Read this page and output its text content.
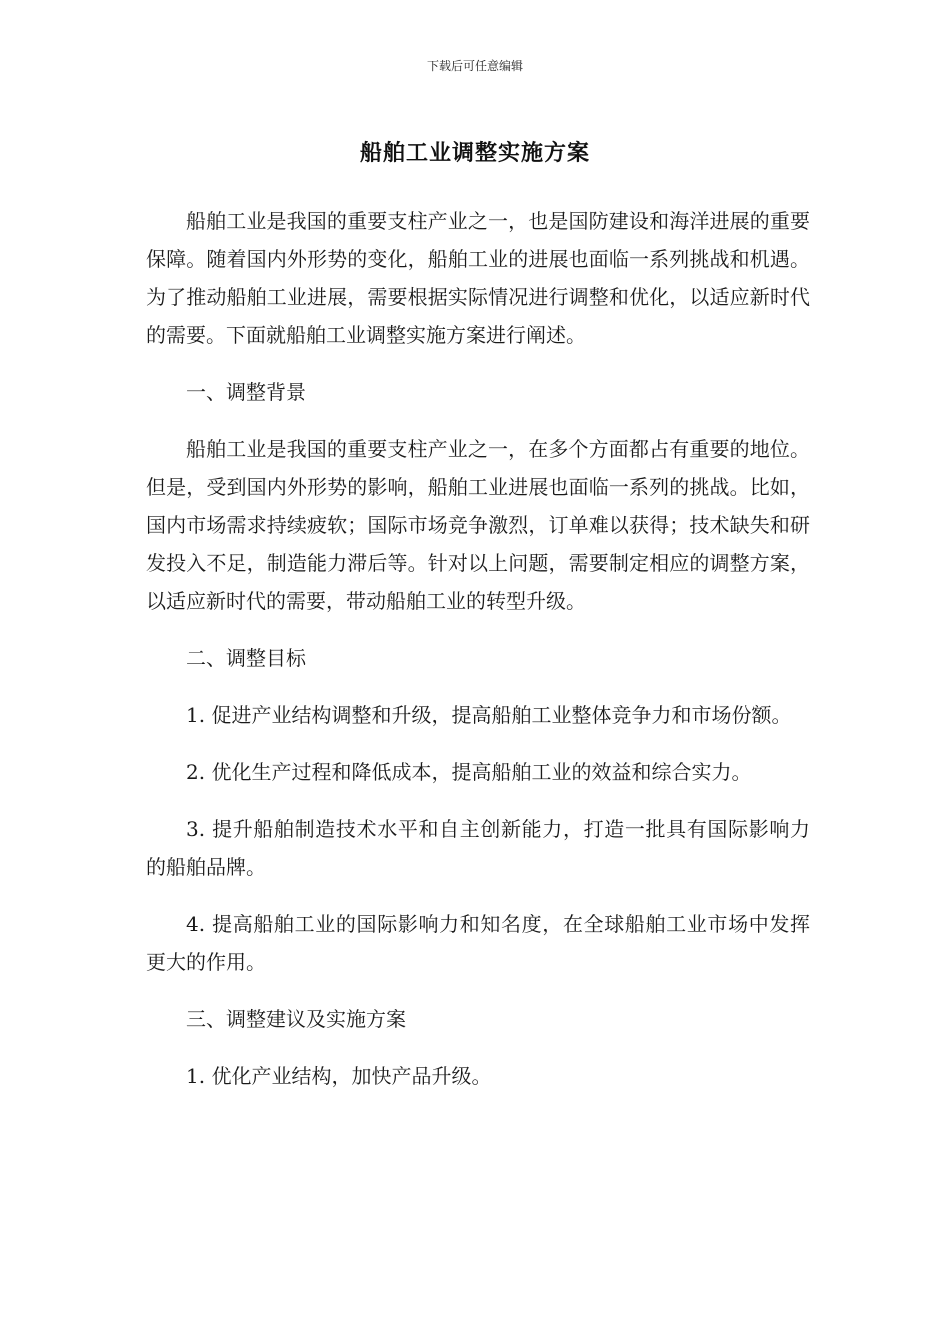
下载后可任意编辑
船舶工业调整实施方案

船舶工业是我国的重要支柱产业之一，也是国防建设和海洋进展的重要保障。随着国内外形势的变化，船舶工业的进展也面临一系列挑战和机遇。为了推动船舶工业进展，需要根据实际情况进行调整和优化，以适应新时代的需要。下面就船舶工业调整实施方案进行阐述。

一、调整背景

船舶工业是我国的重要支柱产业之一，在多个方面都占有重要的地位。但是，受到国内外形势的影响，船舶工业进展也面临一系列的挑战。比如，国内市场需求持续疲软；国际市场竞争激烈，订单难以获得；技术缺失和研发投入不足，制造能力滞后等。针对以上问题，需要制定相应的调整方案，以适应新时代的需要，带动船舶工业的转型升级。

二、调整目标

1. 促进产业结构调整和升级，提高船舶工业整体竞争力和市场份额。

2. 优化生产过程和降低成本，提高船舶工业的效益和综合实力。

3. 提升船舶制造技术水平和自主创新能力，打造一批具有国际影响力的船舶品牌。

4. 提高船舶工业的国际影响力和知名度，在全球船舶工业市场中发挥更大的作用。

三、调整建议及实施方案

1. 优化产业结构，加快产品升级。
